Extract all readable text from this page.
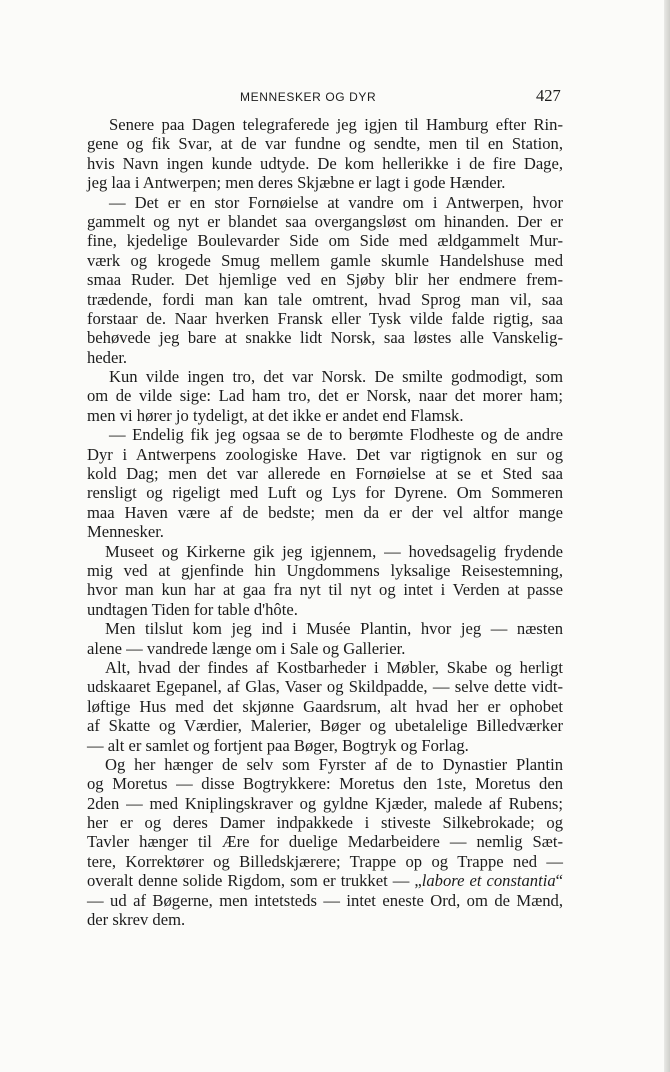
MENNESKER OG DYR	427
Senere paa Dagen telegraferede jeg igjen til Hamburg efter Rin-
gene og fik Svar, at de var fundne og sendte, men til en Station,
hvis Navn ingen kunde udtyde. De kom hellerikke i de fire Dage,
jeg laa i Antwerpen; men deres Skjæbne er lagt i gode Hænder.
— Det er en stor Fornøielse at vandre om i Antwerpen, hvor
gammelt og nyt er blandet saa overgangsløst om hinanden. Der er
fine, kjedelige Boulevarder Side om Side med ældgammelt Mur-
værk og krogede Smug mellem gamle skumle Handelshuse med
smaa Ruder. Det hjemlige ved en Sjøby blir her endmere frem-
trædende, fordi man kan tale omtrent, hvad Sprog man vil, saa
forstaar de. Naar hverken Fransk eller Tysk vilde falde rigtig, saa
behøvede jeg bare at snakke lidt Norsk, saa løstes alle Vanskelig-
heder.
Kun vilde ingen tro, det var Norsk. De smilte godmodigt, som
om de vilde sige: Lad ham tro, det er Norsk, naar det morer ham;
men vi hører jo tydeligt, at det ikke er andet end Flamsk.
— Endelig fik jeg ogsaa se de to berømte Flodheste og de andre
Dyr i Antwerpens zoologiske Have. Det var rigtignok en sur og
kold Dag; men det var allerede en Fornøielse at se et Sted saa
rensligt og rigeligt med Luft og Lys for Dyrene. Om Sommeren
maa Haven være af de bedste; men da er der vel altfor mange
Mennesker.
Museet og Kirkerne gik jeg igjennem, — hovedsagelig frydende
mig ved at gjenfinde hin Ungdommens lyksalige Reisestemning,
hvor man kun har at gaa fra nyt til nyt og intet i Verden at passe
undtagen Tiden for table d'hôte.
Men tilslut kom jeg ind i Musée Plantin, hvor jeg — næsten
alene — vandrede længe om i Sale og Gallerier.
Alt, hvad der findes af Kostbarheder i Møbler, Skabe og herligt
udskaaret Egepanel, af Glas, Vaser og Skildpadde, — selve dette vidt-
løftige Hus med det skjønne Gaardsrum, alt hvad her er ophobet
af Skatte og Værdier, Malerier, Bøger og ubetalelige Billedværker
— alt er samlet og fortjent paa Bøger, Bogtryk og Forlag.
Og her hænger de selv som Fyrster af de to Dynastier Plantin
og Moretus — disse Bogtrykkere: Moretus den 1ste, Moretus den
2den — med Kniplingskraver og gyldne Kjæder, malede af Rubens;
her er og deres Damer indpakkede i stiveste Silkebrokade; og
Tavler hænger til Ære for duelige Medarbeidere — nemlig Sæt-
tere, Korrektører og Billedskjærere; Trappe op og Trappe ned —
overalt denne solide Rigdom, som er trukket — „labore et constantia“
— ud af Bøgerne, men intetsteds — intet eneste Ord, om de Mænd,
der skrev dem.
